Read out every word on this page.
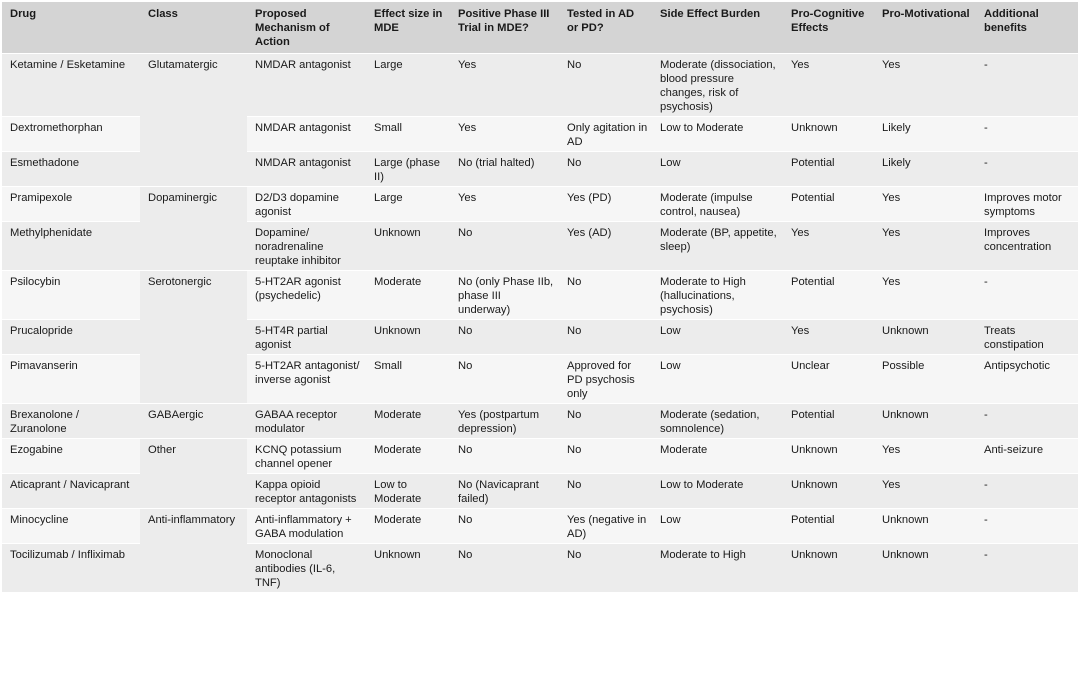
Drug	Class	Proposed Mechanism of Action	Effect size in MDE	Positive Phase III Trial in MDE?	Tested in AD or PD?	Side Effect Burden	Pro-Cognitive Effects	Pro-Motivational	Additional benefits
Ketamine / Esketamine	Glutamatergic	NMDAR antagonist	Large	Yes	No	Moderate (dissociation, blood pressure changes, risk of psychosis)	Yes	Yes	-
Dextromethorphan		NMDAR antagonist	Small	Yes	Only agitation in AD	Low to Moderate	Unknown	Likely	-
Esmethadone		NMDAR antagonist	Large (phase II)	No (trial halted)	No	Low	Potential	Likely	-
Pramipexole	Dopaminergic	D2/D3 dopamine agonist	Large	Yes	Yes (PD)	Moderate (impulse control, nausea)	Potential	Yes	Improves motor symptoms
Methylphenidate		Dopamine/ noradrenaline reuptake inhibitor	Unknown	No	Yes (AD)	Moderate (BP, appetite, sleep)	Yes	Yes	Improves concentration
Psilocybin	Serotonergic	5-HT2AR agonist (psychedelic)	Moderate	No (only Phase IIb, phase III underway)	No	Moderate to High (hallucinations, psychosis)	Potential	Yes	-
Prucalopride		5-HT4R partial agonist	Unknown	No	No	Low	Yes	Unknown	Treats constipation
Pimavanserin		5-HT2AR antagonist/ inverse agonist	Small	No	Approved for PD psychosis only	Low	Unclear	Possible	Antipsychotic
Brexanolone / Zuranolone	GABAergic	GABAA receptor modulator	Moderate	Yes (postpartum depression)	No	Moderate (sedation, somnolence)	Potential	Unknown	-
Ezogabine	Other	KCNQ potassium channel opener	Moderate	No	No	Moderate	Unknown	Yes	Anti-seizure
Aticaprant / Navicaprant		Kappa opioid receptor antagonists	Low to Moderate	No (Navicaprant failed)	No	Low to Moderate	Unknown	Yes	-
Minocycline	Anti-inflammatory	Anti-inflammatory + GABA modulation	Moderate	No	Yes (negative in AD)	Low	Potential	Unknown	-
Tocilizumab / Infliximab		Monoclonal antibodies (IL-6, TNF)	Unknown	No	No	Moderate to High	Unknown	Unknown	-
